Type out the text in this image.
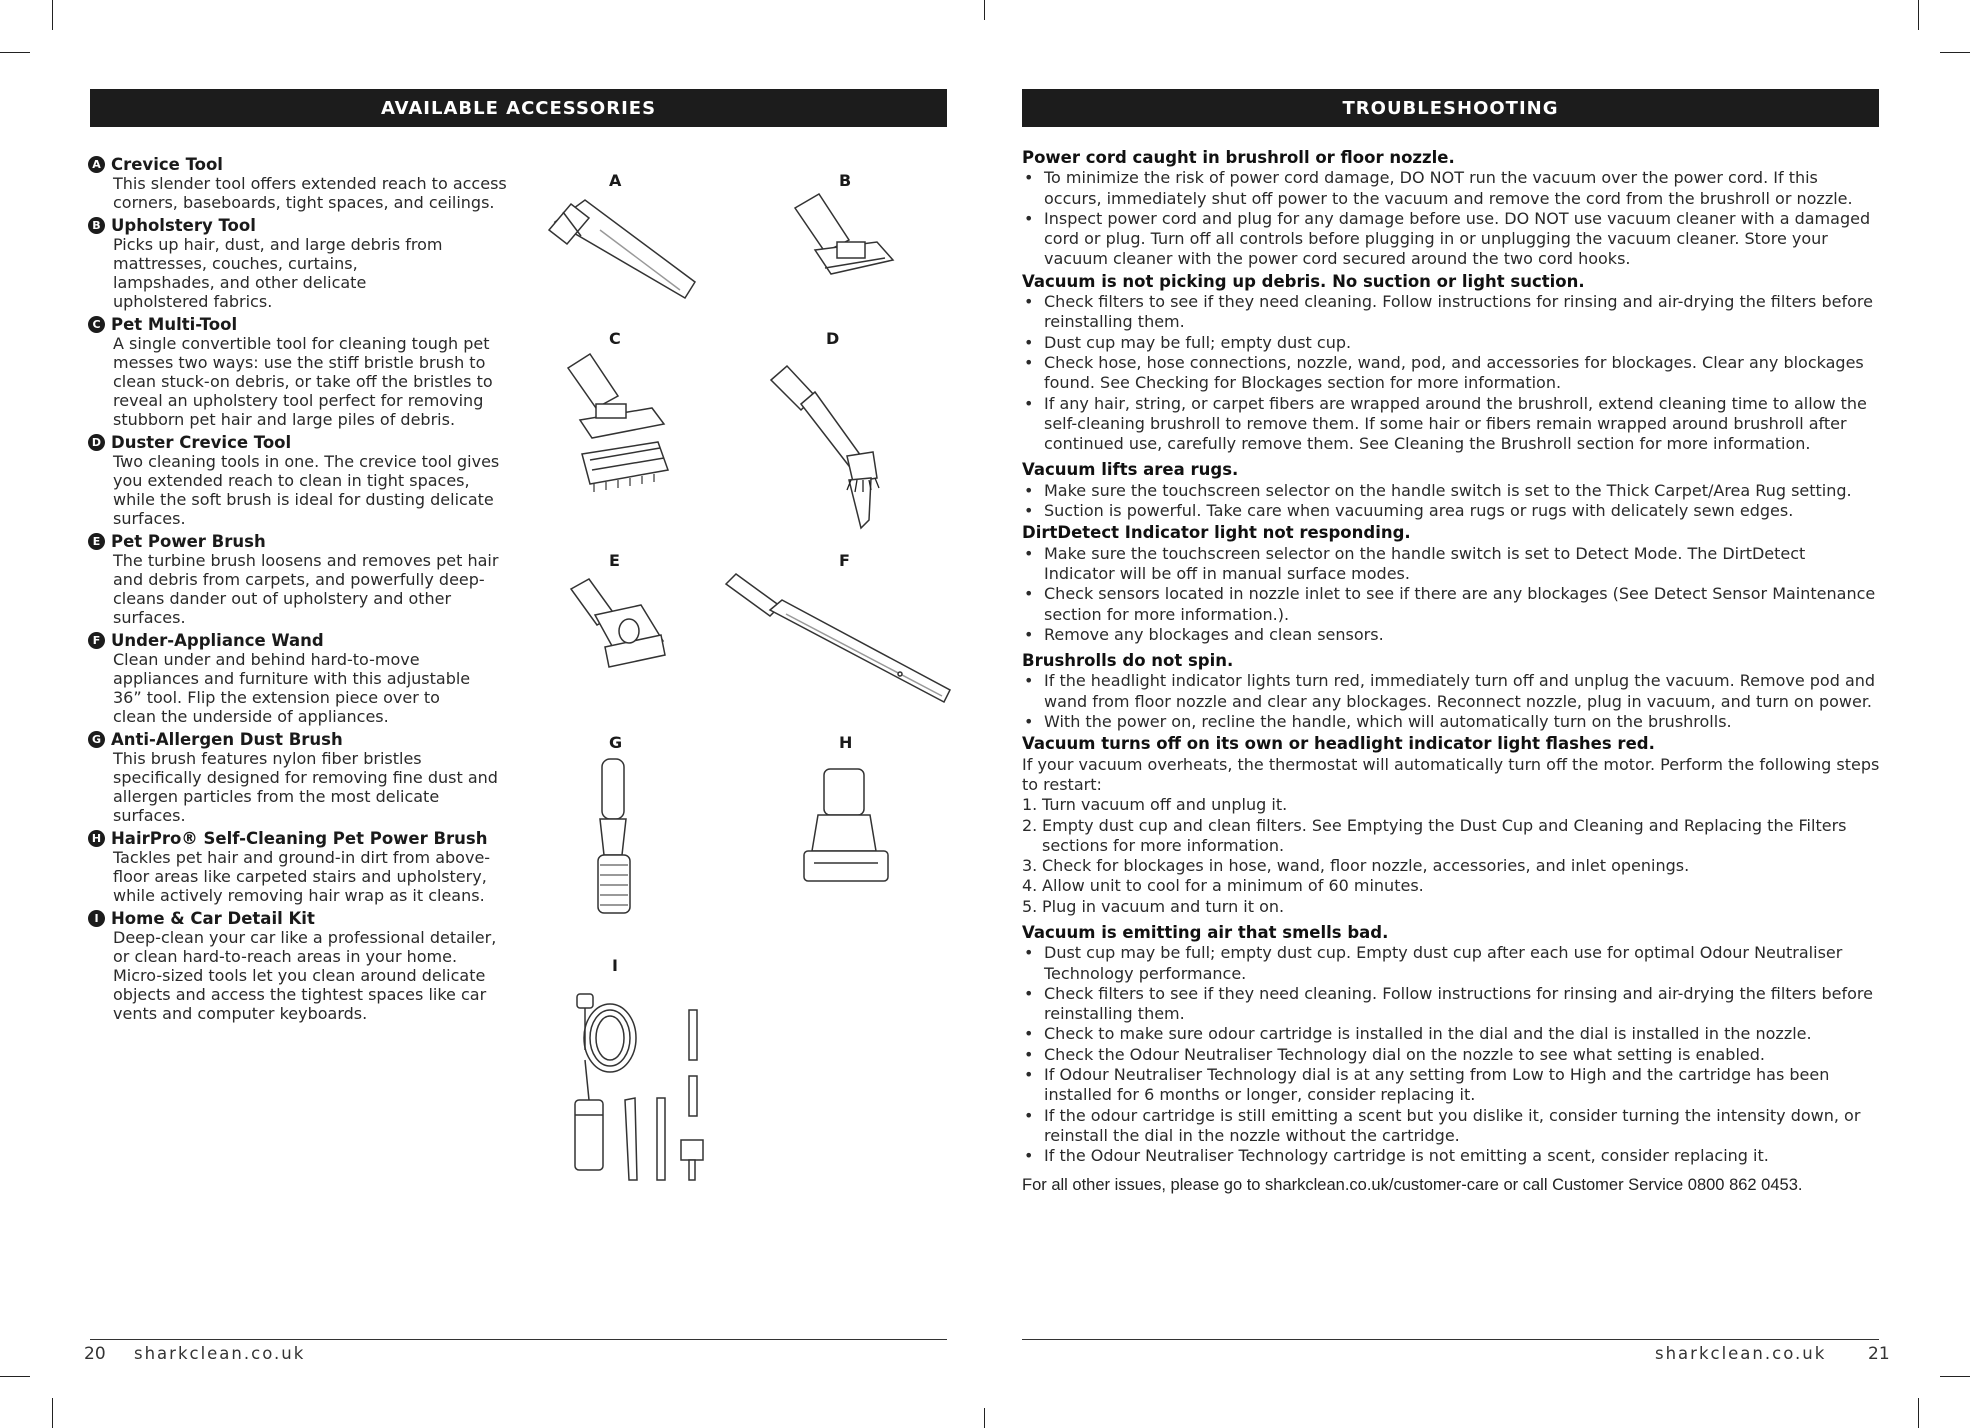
AVAILABLE ACCESSORIES
A Crevice Tool
This slender tool offers extended reach to access corners, baseboards, tight spaces, and ceilings.
B Upholstery Tool
Picks up hair, dust, and large debris from mattresses, couches, curtains, lampshades, and other delicate upholstered fabrics.
C Pet Multi-Tool
A single convertible tool for cleaning tough pet messes two ways: use the stiff bristle brush to clean stuck-on debris, or take off the bristles to reveal an upholstery tool perfect for removing stubborn pet hair and large piles of debris.
D Duster Crevice Tool
Two cleaning tools in one. The crevice tool gives you extended reach to clean in tight spaces, while the soft brush is ideal for dusting delicate surfaces.
E Pet Power Brush
The turbine brush loosens and removes pet hair and debris from carpets, and powerfully deep-cleans dander out of upholstery and other surfaces.
F Under-Appliance Wand
Clean under and behind hard-to-move appliances and furniture with this adjustable 36” tool. Flip the extension piece over to clean the underside of appliances.
G Anti-Allergen Dust Brush
This brush features nylon fiber bristles specifically designed for removing fine dust and allergen particles from the most delicate surfaces.
H HairPro® Self-Cleaning Pet Power Brush
Tackles pet hair and ground-in dirt from above-floor areas like carpeted stairs and upholstery, while actively removing hair wrap as it cleans.
I Home & Car Detail Kit
Deep-clean your car like a professional detailer, or clean hard-to-reach areas in your home. Micro-sized tools let you clean around delicate objects and access the tightest spaces like car vents and computer keyboards.
A	B
C	D
E	F
G	H
I
20 sharkclean.co.uk
TROUBLESHOOTING
Power cord caught in brushroll or floor nozzle.
• To minimize the risk of power cord damage, DO NOT run the vacuum over the power cord. If this occurs, immediately shut off power to the vacuum and remove the cord from the brushroll or nozzle.
• Inspect power cord and plug for any damage before use. DO NOT use vacuum cleaner with a damaged cord or plug. Turn off all controls before plugging in or unplugging the vacuum cleaner. Store your vacuum cleaner with the power cord secured around the two cord hooks.
Vacuum is not picking up debris. No suction or light suction.
• Check filters to see if they need cleaning. Follow instructions for rinsing and air-drying the filters before reinstalling them.
• Dust cup may be full; empty dust cup.
• Check hose, hose connections, nozzle, wand, pod, and accessories for blockages. Clear any blockages found. See Checking for Blockages section for more information.
• If any hair, string, or carpet fibers are wrapped around the brushroll, extend cleaning time to allow the self-cleaning brushroll to remove them. If some hair or fibers remain wrapped around brushroll after continued use, carefully remove them. See Cleaning the Brushroll section for more information.
Vacuum lifts area rugs.
• Make sure the touchscreen selector on the handle switch is set to the Thick Carpet/Area Rug setting.
• Suction is powerful. Take care when vacuuming area rugs or rugs with delicately sewn edges.
DirtDetect Indicator light not responding.
• Make sure the touchscreen selector on the handle switch is set to Detect Mode. The DirtDetect Indicator will be off in manual surface modes.
• Check sensors located in nozzle inlet to see if there are any blockages (See Detect Sensor Maintenance section for more information.).
• Remove any blockages and clean sensors.
Brushrolls do not spin.
• If the headlight indicator lights turn red, immediately turn off and unplug the vacuum. Remove pod and wand from floor nozzle and clear any blockages. Reconnect nozzle, plug in vacuum, and turn on power.
• With the power on, recline the handle, which will automatically turn on the brushrolls.
Vacuum turns off on its own or headlight indicator light flashes red.

If your vacuum overheats, the thermostat will automatically turn off the motor. Perform the following steps to restart:

1. Turn vacuum off and unplug it.
2. Empty dust cup and clean filters. See Emptying the Dust Cup and Cleaning and Replacing the Filters sections for more information.
3. Check for blockages in hose, wand, floor nozzle, accessories, and inlet openings.
4. Allow unit to cool for a minimum of 60 minutes.
5. Plug in vacuum and turn it on.
Vacuum is emitting air that smells bad.
• Dust cup may be full; empty dust cup. Empty dust cup after each use for optimal Odour Neutraliser Technology performance.
• Check filters to see if they need cleaning. Follow instructions for rinsing and air-drying the filters before reinstalling them.
• Check to make sure odour cartridge is installed in the dial and the dial is installed in the nozzle.
• Check the Odour Neutraliser Technology dial on the nozzle to see what setting is enabled.
• If Odour Neutraliser Technology dial is at any setting from Low to High and the cartridge has been installed for 6 months or longer, consider replacing it.
• If the odour cartridge is still emitting a scent but you dislike it, consider turning the intensity down, or reinstall the dial in the nozzle without the cartridge.
• If the Odour Neutraliser Technology cartridge is not emitting a scent, consider replacing it.
For all other issues, please go to sharkclean.co.uk/customer-care or call Customer Service 0800 862 0453.
sharkclean.co.uk 21
